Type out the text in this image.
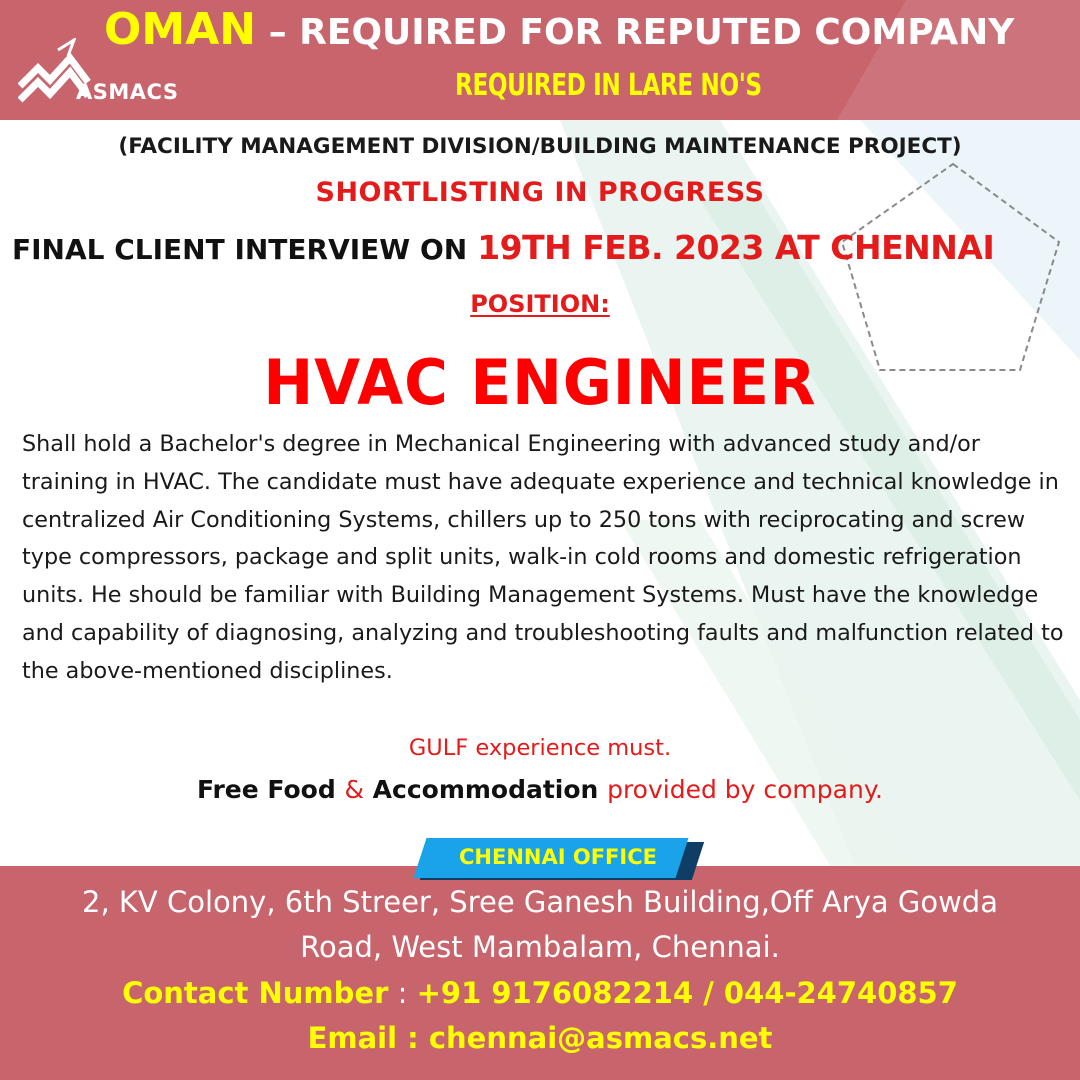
ASMACS
OMAN – REQUIRED FOR REPUTED COMPANY
REQUIRED IN LARE NO'S
(FACILITY MANAGEMENT DIVISION/BUILDING MAINTENANCE PROJECT)
SHORTLISTING IN PROGRESS
FINAL CLIENT INTERVIEW ON 19TH FEB. 2023 AT CHENNAI
POSITION:
HVAC ENGINEER
Shall hold a Bachelor's degree in Mechanical Engineering with advanced study and/or training in HVAC. The candidate must have adequate experience and technical knowledge in centralized Air Conditioning Systems, chillers up to 250 tons with reciprocating and screw type compressors, package and split units, walk-in cold rooms and domestic refrigeration units. He should be familiar with Building Management Systems. Must have the knowledge and capability of diagnosing, analyzing and troubleshooting faults and malfunction related to the above-mentioned disciplines.
GULF experience must.
Free Food & Accommodation provided by company.
CHENNAI OFFICE
2, KV Colony, 6th Streer, Sree Ganesh Building,Off Arya Gowda
Road, West Mambalam, Chennai.
Contact Number : +91 9176082214 / 044-24740857
Email : chennai@asmacs.net
